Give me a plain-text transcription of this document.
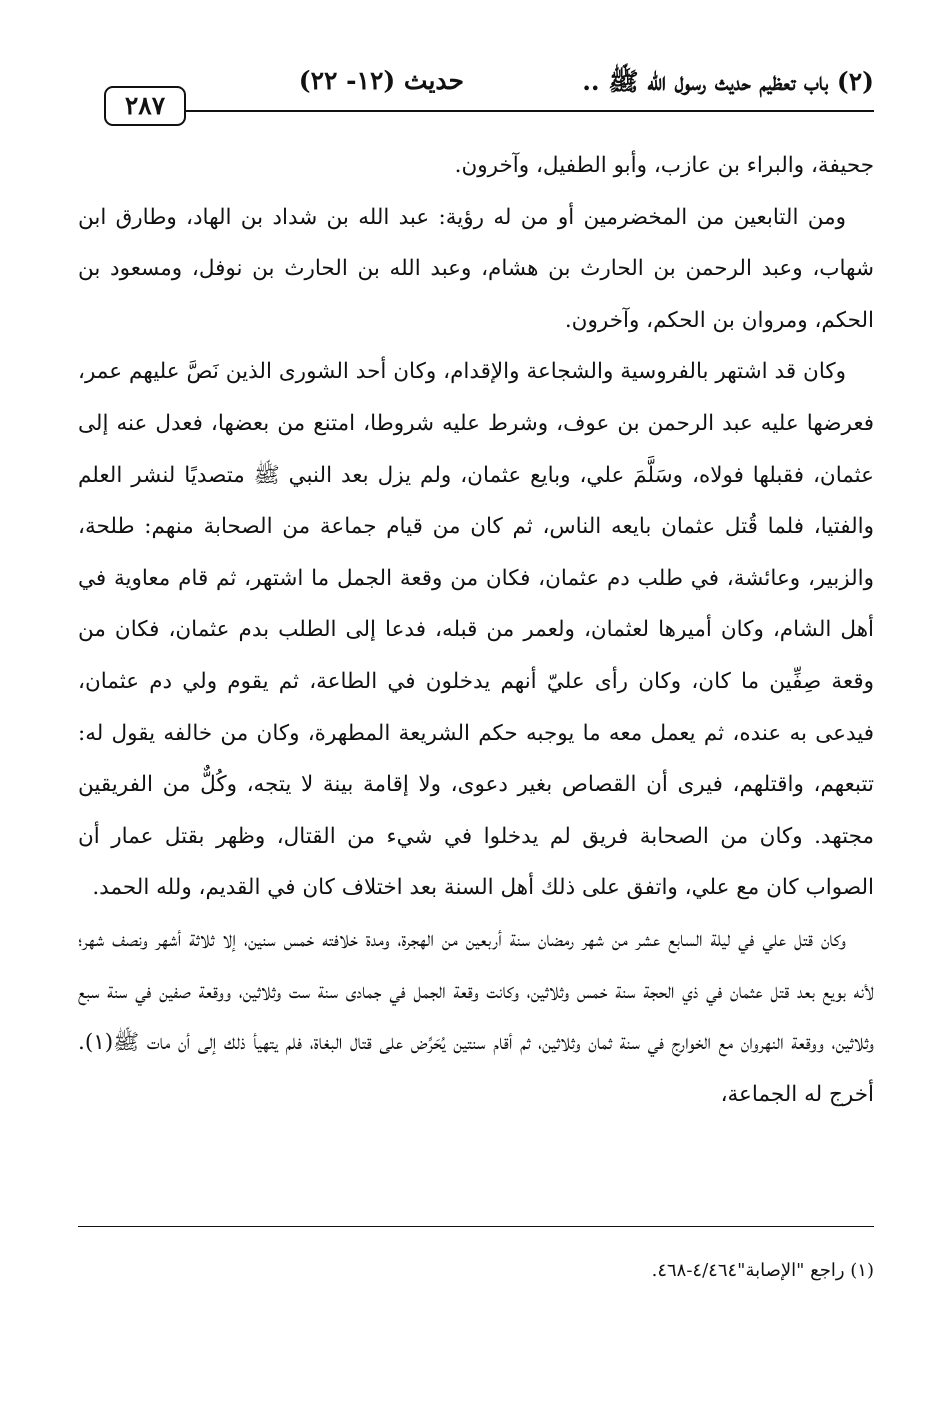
(٢) باب تعظيم حديث رسول الله ﷺ ..
حديث (١٢- ٢٢)
٢٨٧

جحيفة، والبراء بن عازب، وأبو الطفيل، وآخرون.

ومن التابعين من المخضرمين أو من له رؤية: عبد الله بن شداد بن الهاد، وطارق ابن شهاب، وعبد الرحمن بن الحارث بن هشام، وعبد الله بن الحارث بن نوفل، ومسعود بن الحكم، ومروان بن الحكم، وآخرون.

وكان قد اشتهر بالفروسية والشجاعة والإقدام، وكان أحد الشورى الذين نَصَّ عليهم عمر، فعرضها عليه عبد الرحمن بن عوف، وشرط عليه شروطا، امتنع من بعضها، فعدل عنه إلى عثمان، فقبلها فولاه، وسَلَّمَ علي، وبايع عثمان، ولم يزل بعد النبي ﷺ متصديًا لنشر العلم والفتيا، فلما قُتل عثمان بايعه الناس، ثم كان من قيام جماعة من الصحابة منهم: طلحة، والزبير، وعائشة، في طلب دم عثمان، فكان من وقعة الجمل ما اشتهر، ثم قام معاوية في أهل الشام، وكان أميرها لعثمان، ولعمر من قبله، فدعا إلى الطلب بدم عثمان، فكان من وقعة صِفِّين ما كان، وكان رأى عليّ أنهم يدخلون في الطاعة، ثم يقوم ولي دم عثمان، فيدعى به عنده، ثم يعمل معه ما يوجبه حكم الشريعة المطهرة، وكان من خالفه يقول له: تتبعهم، واقتلهم، فيرى أن القصاص بغير دعوى، ولا إقامة بينة لا يتجه، وكُلٌّ من الفريقين مجتهد. وكان من الصحابة فريق لم يدخلوا في شيء من القتال، وظهر بقتل عمار أن الصواب كان مع علي، واتفق على ذلك أهل السنة بعد اختلاف كان في القديم، ولله الحمد.

وكان قتل علي في ليلة السابع عشر من شهر رمضان سنة أربعين من الهجرة، ومدة خلافته خمس سنين، إلا ثلاثة أشهر ونصف شهر؛ لأنه بويع بعد قتل عثمان في ذي الحجة سنة خمس وثلاثين، وكانت وقعة الجمل في جمادى سنة ست وثلاثين، ووقعة صفين في سنة سبع وثلاثين، ووقعة النهروان مع الخوارج في سنة ثمان وثلاثين، ثم أقام سنتين يُحَرِّض على قتال البغاة، فلم يتهيأ ذلك إلى أن مات ﷺ(١). أخرج له الجماعة،

(١) راجع "الإصابة"٤/٤٦٤-٤٦٨.
